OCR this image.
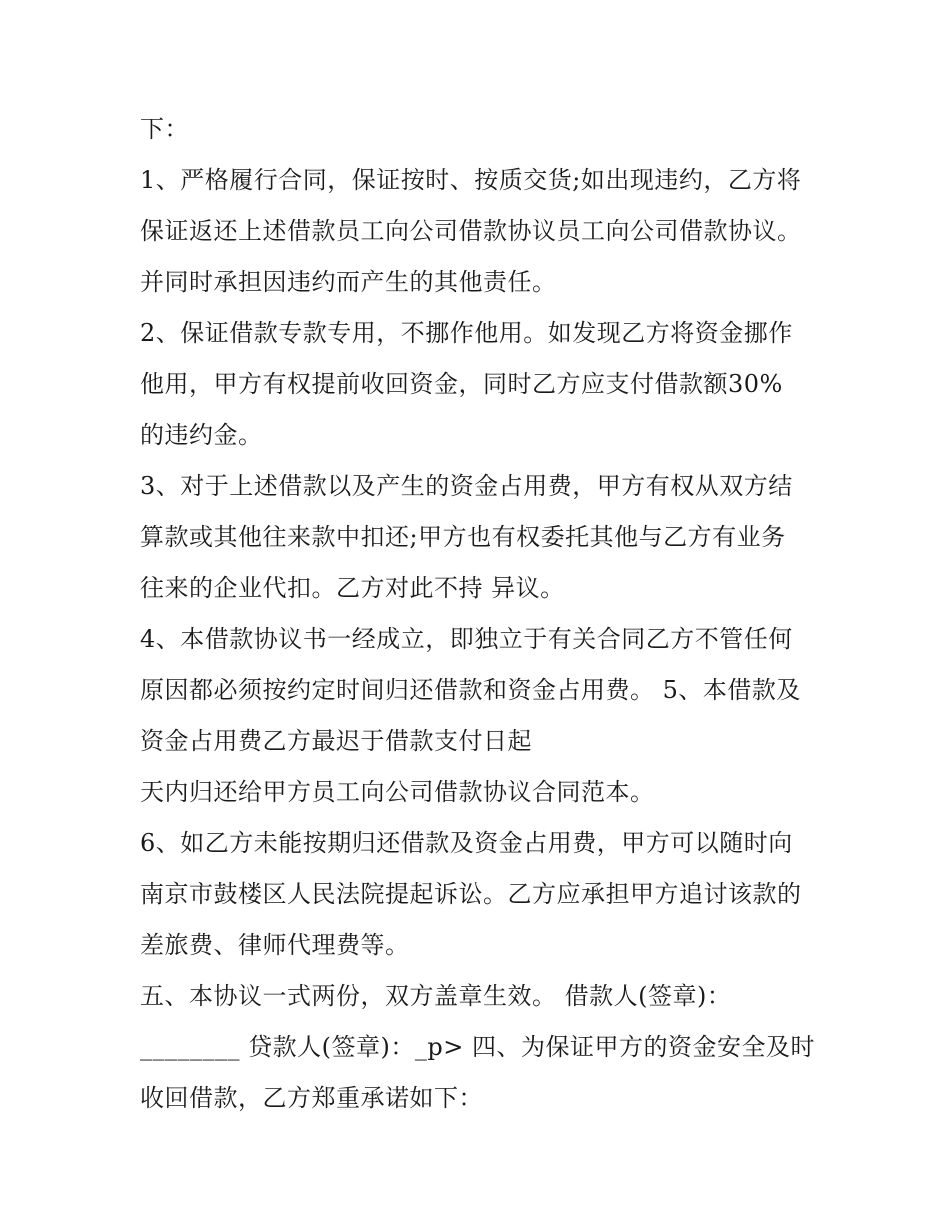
下：
1、严格履行合同，保证按时、按质交货;如出现违约，乙方将
保证返还上述借款员工向公司借款协议员工向公司借款协议。
并同时承担因违约而产生的其他责任。
2、保证借款专款专用，不挪作他用。如发现乙方将资金挪作
他用，甲方有权提前收回资金，同时乙方应支付借款额30%
的违约金。
3、对于上述借款以及产生的资金占用费，甲方有权从双方结
算款或其他往来款中扣还;甲方也有权委托其他与乙方有业务
往来的企业代扣。乙方对此不持 异议。
4、本借款协议书一经成立，即独立于有关合同乙方不管任何
原因都必须按约定时间归还借款和资金占用费。 5、本借款及
资金占用费乙方最迟于借款支付日起
天内归还给甲方员工向公司借款协议合同范本。
6、如乙方未能按期归还借款及资金占用费，甲方可以随时向
南京市鼓楼区人民法院提起诉讼。乙方应承担甲方追讨该款的
差旅费、律师代理费等。
五、本协议一式两份，双方盖章生效。 借款人(签章)：
________ 贷款人(签章)：_p> 四、为保证甲方的资金安全及时
收回借款，乙方郑重承诺如下：
